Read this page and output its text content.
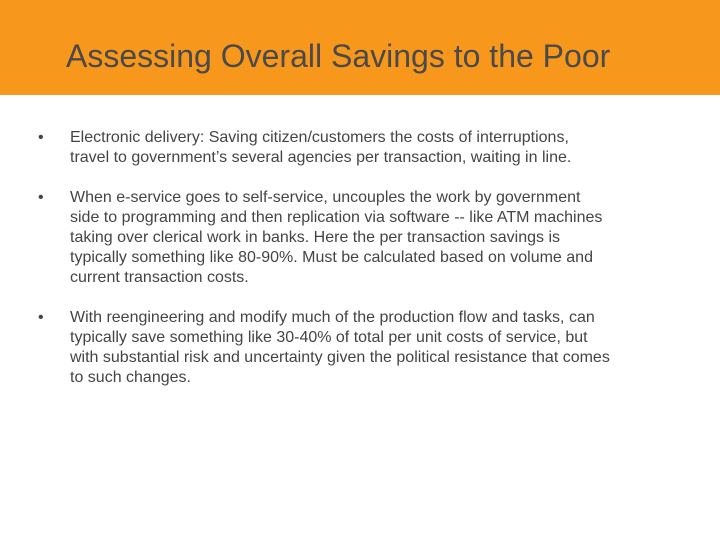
Assessing Overall Savings to the Poor
• Electronic delivery: Saving citizen/customers the costs of interruptions,
travel to government’s several agencies per transaction, waiting in line.
• When e-service goes to self-service, uncouples the work by government
side to programming and then replication via software -- like ATM machines
taking over clerical work in banks. Here the per transaction savings is
typically something like 80-90%. Must be calculated based on volume and
current transaction costs.
• With reengineering and modify much of the production flow and tasks, can
typically save something like 30-40% of total per unit costs of service, but
with substantial risk and uncertainty given the political resistance that comes
to such changes.
